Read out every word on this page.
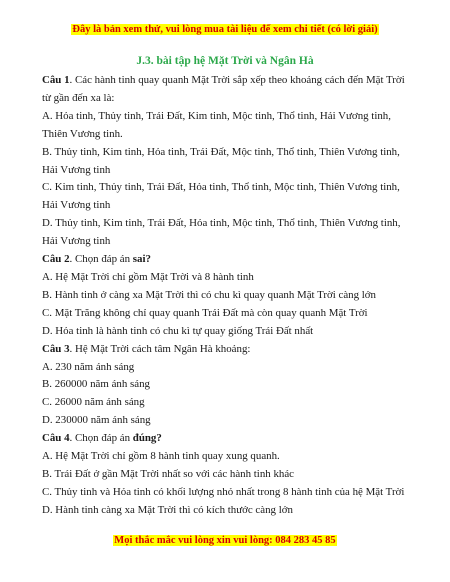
Đây là bản xem thử, vui lòng mua tài liệu để xem chi tiết (có lời giải)
J.3. bài tập hệ Mặt Trời và Ngân Hà

Câu 1. Các hành tinh quay quanh Mặt Trời sắp xếp theo khoảng cách đến Mặt Trời từ gần đến xa là:

A. Hỏa tinh, Thủy tinh, Trái Đất, Kim tinh, Mộc tinh, Thổ tinh, Hải Vương tinh, Thiên Vương tinh.

B. Thủy tinh, Kim tinh, Hỏa tinh, Trái Đất, Mộc tinh, Thổ tinh, Thiên Vương tinh, Hải Vương tinh

C. Kim tinh, Thủy tinh, Trái Đất, Hỏa tinh, Thổ tinh, Mộc tinh, Thiên Vương tinh, Hải Vương tinh

D. Thủy tinh, Kim tinh, Trái Đất, Hỏa tinh, Mộc tinh, Thổ tinh, Thiên Vương tinh, Hải Vương tinh

Câu 2. Chọn đáp án sai?

A. Hệ Mặt Trời chỉ gồm Mặt Trời và 8 hành tinh

B. Hành tinh ở càng xa Mặt Trời thì có chu kì quay quanh Mặt Trời càng lớn

C. Mặt Trăng không chỉ quay quanh Trái Đất mà còn quay quanh Mặt Trời

D. Hỏa tinh là hành tinh có chu kì tự quay giống Trái Đất nhất

Câu 3. Hệ Mặt Trời cách tâm Ngân Hà khoảng:

A. 230 năm ánh sáng

B. 260000 năm ánh sáng

C. 26000 năm ánh sáng

D. 230000 năm ánh sáng

Câu 4. Chọn đáp án đúng?

A. Hệ Mặt Trời chỉ gồm 8 hành tinh quay xung quanh.

B. Trái Đất ở gần Mặt Trời nhất so với các hành tinh khác

C. Thủy tinh và Hỏa tinh có khối lượng nhỏ nhất trong 8 hành tinh của hệ Mặt Trời

D. Hành tinh càng xa Mặt Trời thì có kích thước càng lớn

Mọi thắc mắc vui lòng xin vui lòng: 084 283 45 85
